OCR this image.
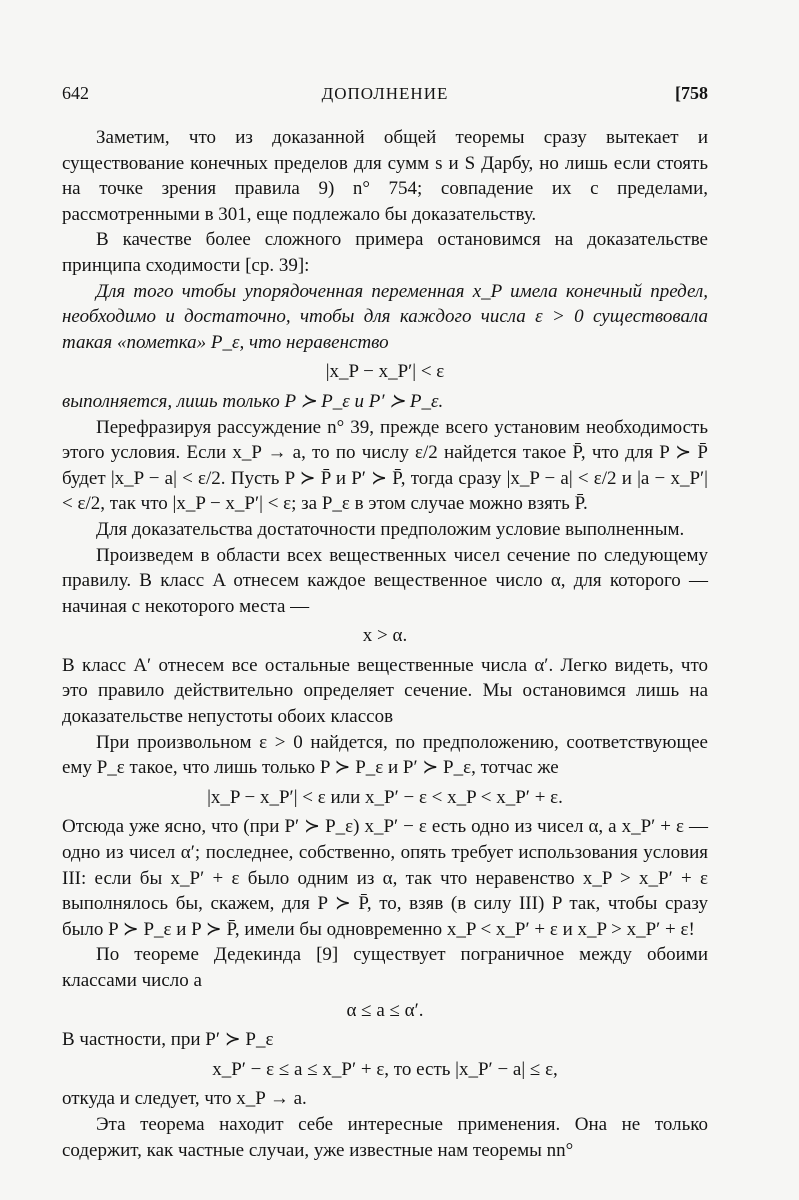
642	ДОПОЛНЕНИЕ	[758

Заметим, что из доказанной общей теоремы сразу вытекает и существование конечных пределов для сумм s и S Дарбу, но лишь если стоять на точке зрения правила 9) n° 754; совпадение их с пределами, рассмотренными в 301, еще подлежало бы доказательству.

В качестве более сложного примера остановимся на доказательстве принципа сходимости [ср. 39]:

Для того чтобы упорядоченная переменная x_P имела конечный предел, необходимо и достаточно, чтобы для каждого числа ε > 0 существовала такая «пометка» P_ε, что неравенство

|x_P − x_P′| < ε

выполняется, лишь только P ≻ P_ε и P′ ≻ P_ε.

Перефразируя рассуждение n° 39, прежде всего установим необходимость этого условия. Если x_P → a, то по числу ε/2 найдется такое P̄, что для P ≻ P̄ будет |x_P − a| < ε/2. Пусть P ≻ P̄ и P′ ≻ P̄, тогда сразу |x_P − a| < ε/2 и |a − x_P′| < ε/2, так что |x_P − x_P′| < ε; за P_ε в этом случае можно взять P̄.

Для доказательства достаточности предположим условие выполненным.

Произведем в области всех вещественных чисел сечение по следующему правилу. В класс A отнесем каждое вещественное число α, для которого — начиная с некоторого места —

x > α.

В класс A′ отнесем все остальные вещественные числа α′. Легко видеть, что это правило действительно определяет сечение. Мы остановимся лишь на доказательстве непустоты обоих классов

При произвольном ε > 0 найдется, по предположению, соответствующее ему P_ε такое, что лишь только P ≻ P_ε и P′ ≻ P_ε, тотчас же

|x_P − x_P′| < ε или x_P′ − ε < x_P < x_P′ + ε.

Отсюда уже ясно, что (при P′ ≻ P_ε) x_P′ − ε есть одно из чисел α, а x_P′ + ε — одно из чисел α′; последнее, собственно, опять требует использования условия III: если бы x_P′ + ε было одним из α, так что неравенство x_P > x_P′ + ε выполнялось бы, скажем, для P ≻ P̄, то, взяв (в силу III) P так, чтобы сразу было P ≻ P_ε и P ≻ P̄, имели бы одновременно x_P < x_P′ + ε и x_P > x_P′ + ε!

По теореме Дедекинда [9] существует пограничное между обоими классами число a

α ≤ a ≤ α′.

В частности, при P′ ≻ P_ε

x_P′ − ε ≤ a ≤ x_P′ + ε, то есть |x_P′ − a| ≤ ε,

откуда и следует, что x_P → a.

Эта теорема находит себе интересные применения. Она не только содержит, как частные случаи, уже известные нам теоремы nn°
